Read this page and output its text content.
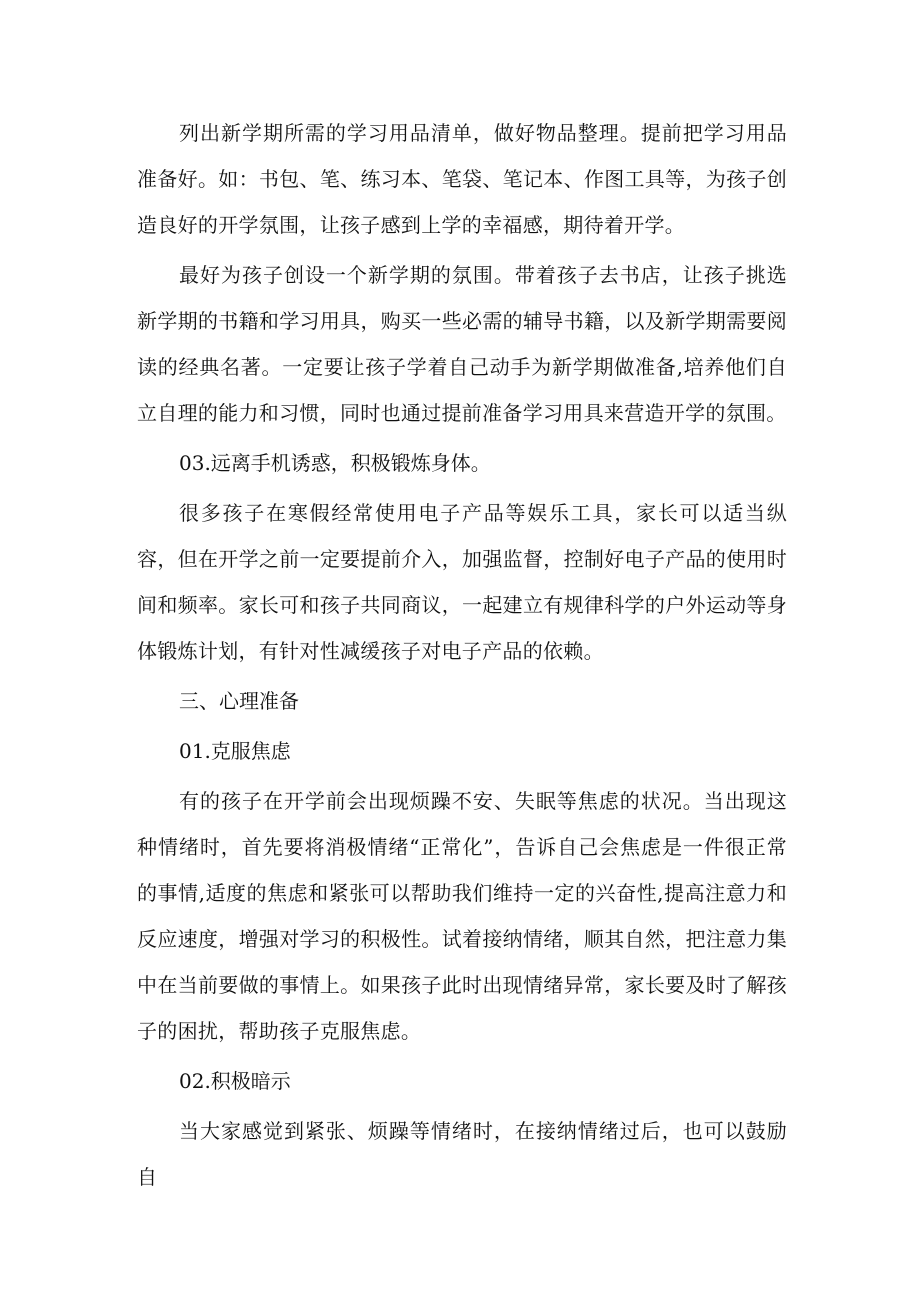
列出新学期所需的学习用品清单，做好物品整理。提前把学习用品准备好。如：书包、笔、练习本、笔袋、笔记本、作图工具等，为孩子创造良好的开学氛围，让孩子感到上学的幸福感，期待着开学。

最好为孩子创设一个新学期的氛围。带着孩子去书店，让孩子挑选新学期的书籍和学习用具，购买一些必需的辅导书籍，以及新学期需要阅读的经典名著。一定要让孩子学着自己动手为新学期做准备,培养他们自立自理的能力和习惯，同时也通过提前准备学习用具来营造开学的氛围。

03.远离手机诱惑，积极锻炼身体。

很多孩子在寒假经常使用电子产品等娱乐工具，家长可以适当纵容，但在开学之前一定要提前介入，加强监督，控制好电子产品的使用时间和频率。家长可和孩子共同商议，一起建立有规律科学的户外运动等身体锻炼计划，有针对性减缓孩子对电子产品的依赖。

三、心理准备

01.克服焦虑

有的孩子在开学前会出现烦躁不安、失眠等焦虑的状况。当出现这种情绪时，首先要将消极情绪“正常化”，告诉自己会焦虑是一件很正常的事情,适度的焦虑和紧张可以帮助我们维持一定的兴奋性,提高注意力和反应速度，增强对学习的积极性。试着接纳情绪，顺其自然，把注意力集中在当前要做的事情上。如果孩子此时出现情绪异常，家长要及时了解孩子的困扰，帮助孩子克服焦虑。

02.积极暗示

当大家感觉到紧张、烦躁等情绪时，在接纳情绪过后，也可以鼓励自
